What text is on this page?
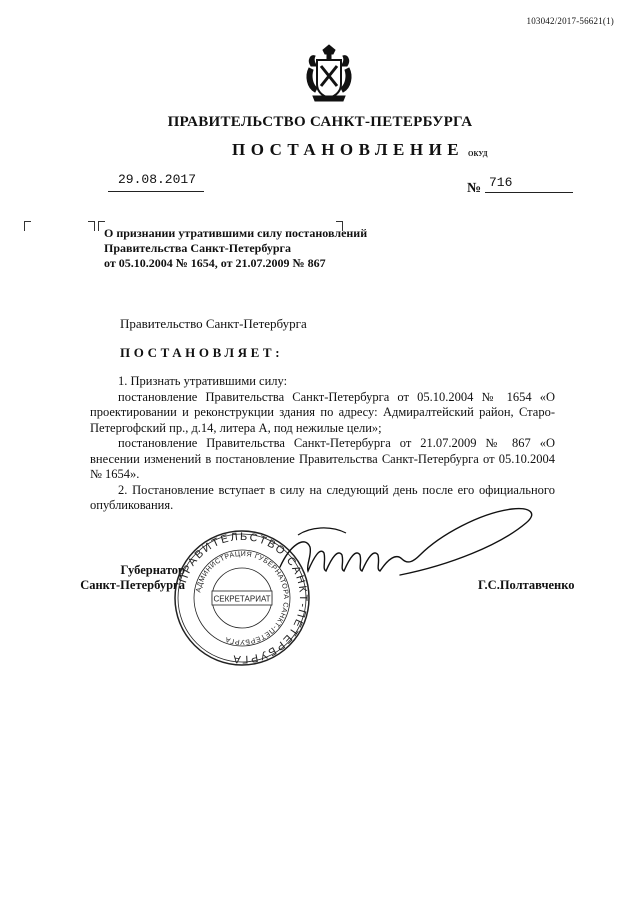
103042/2017-56621(1)
ПРАВИТЕЛЬСТВО САНКТ-ПЕТЕРБУРГА
ПОСТАНОВЛЕНИЕ ОКУД
29.08.2017
№ 716
О признании утратившими силу постановлений
Правительства Санкт-Петербурга
от 05.10.2004 № 1654, от 21.07.2009 № 867
Правительство Санкт-Петербурга
ПОСТАНОВЛЯЕТ:

1. Признать утратившими силу:

постановление Правительства Санкт-Петербурга от 05.10.2004 № 1654 «О проектировании и реконструкции здания по адресу: Адмиралтейский район, Старо-Петергофский пр., д.14, литера А, под нежилые цели»;

постановление Правительства Санкт-Петербурга от 21.07.2009 № 867 «О внесении изменений в постановление Правительства Санкт-Петербурга от 05.10.2004 № 1654».

2. Постановление вступает в силу на следующий день после его официального опубликования.

Губернатор
Санкт-Петербурга	Г.С.Полтавченко
ПРАВИТЕЛЬСТВО САНКТ-ПЕТЕРБУРГА
АДМИНИСТРАЦИЯ ГУБЕРНАТОРА САНКТ-ПЕТЕРБУРГА
СЕКРЕТАРИАТ
